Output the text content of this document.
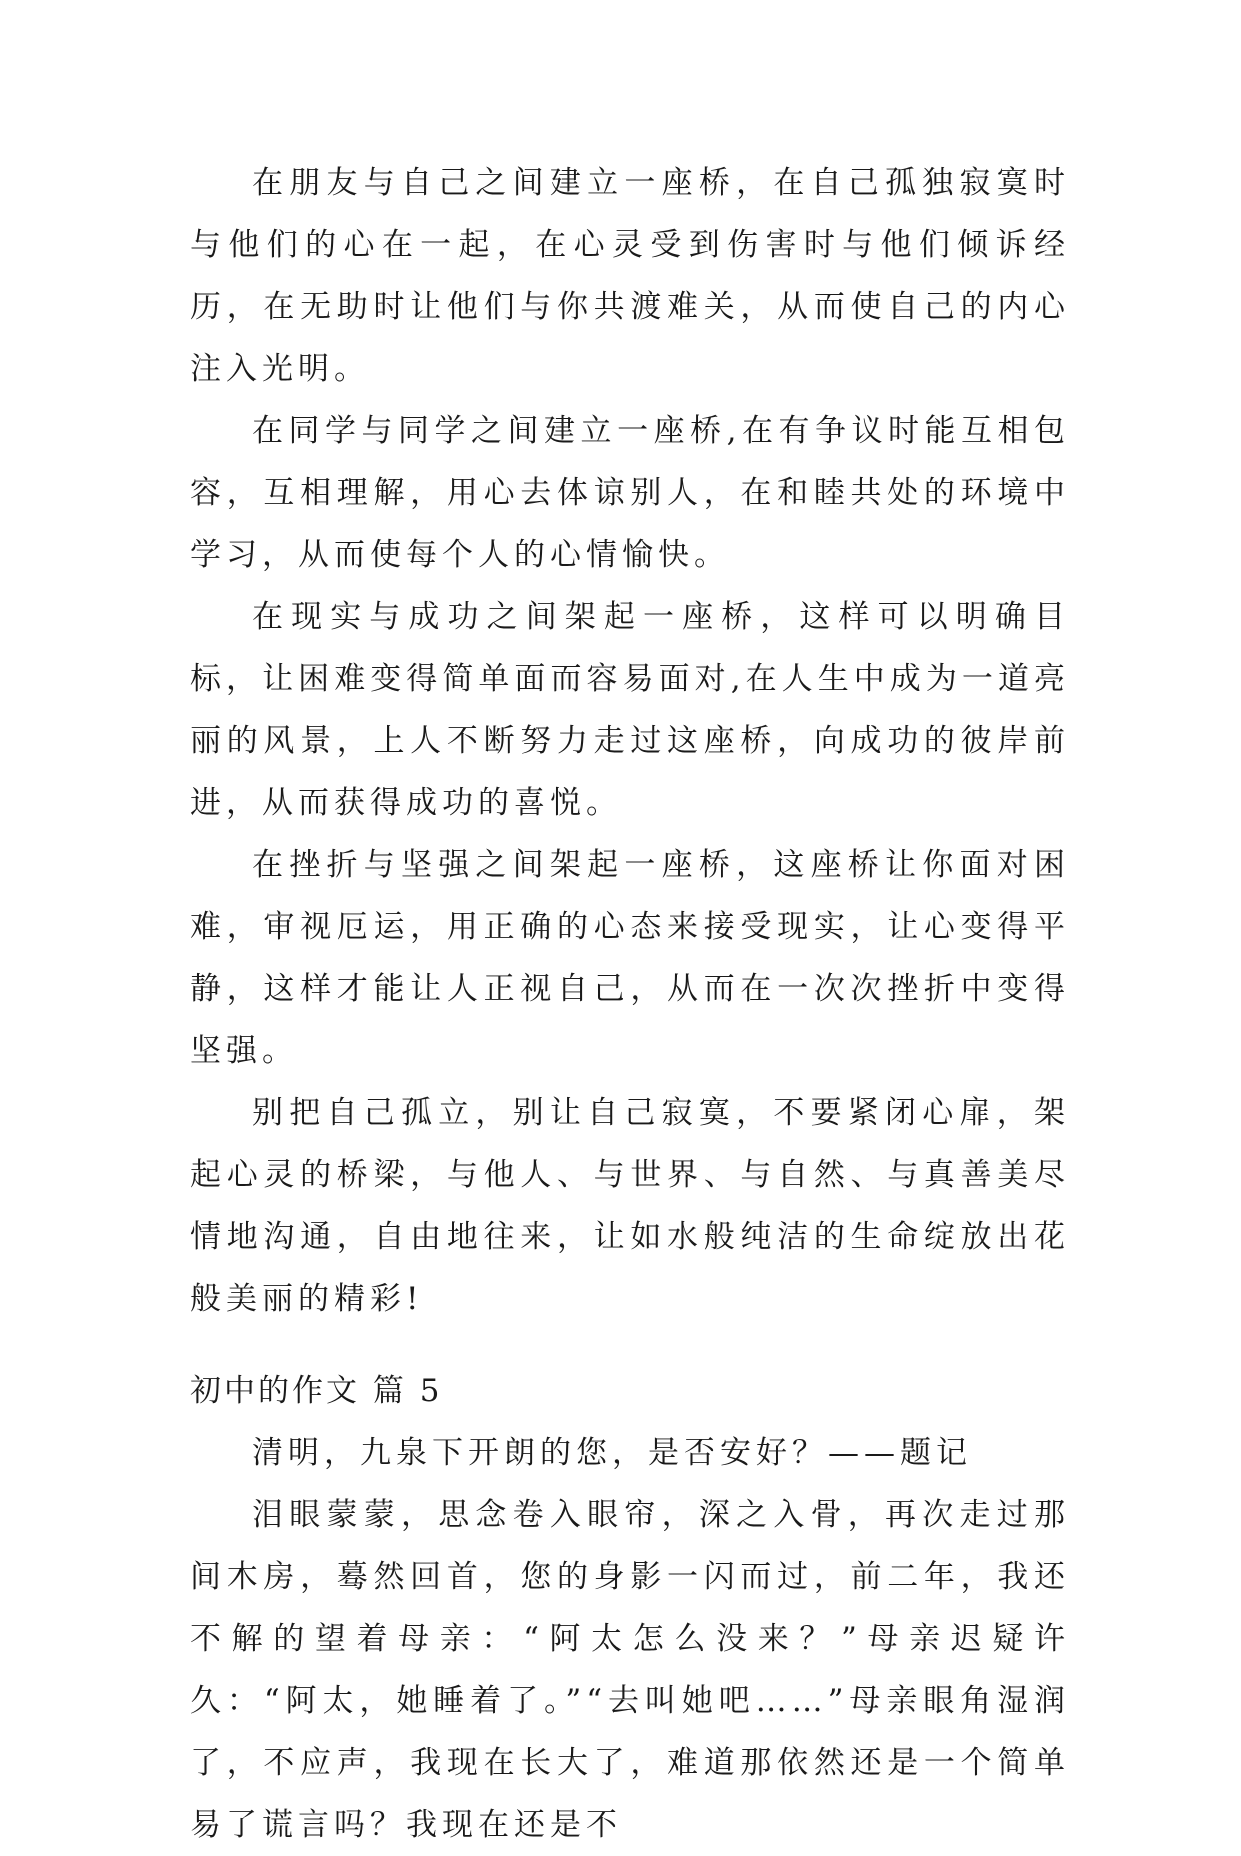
在朋友与自己之间建立一座桥，在自己孤独寂寞时与他们的心在一起，在心灵受到伤害时与他们倾诉经历，在无助时让他们与你共渡难关，从而使自己的内心注入光明。

在同学与同学之间建立一座桥,在有争议时能互相包容，互相理解，用心去体谅别人，在和睦共处的环境中学习，从而使每个人的心情愉快。

在现实与成功之间架起一座桥，这样可以明确目标，让困难变得简单面而容易面对,在人生中成为一道亮丽的风景，上人不断努力走过这座桥，向成功的彼岸前进，从而获得成功的喜悦。

在挫折与坚强之间架起一座桥，这座桥让你面对困难，审视厄运，用正确的心态来接受现实，让心变得平静，这样才能让人正视自己，从而在一次次挫折中变得坚强。

别把自己孤立，别让自己寂寞，不要紧闭心扉，架起心灵的桥梁，与他人、与世界、与自然、与真善美尽情地沟通，自由地往来，让如水般纯洁的生命绽放出花般美丽的精彩!

初中的作文 篇 5

清明，九泉下开朗的您，是否安好？——题记

泪眼蒙蒙，思念卷入眼帘，深之入骨，再次走过那间木房，蓦然回首，您的身影一闪而过，前二年，我还不解的望着母亲：“阿太怎么没来？”母亲迟疑许久：“阿太，她睡着了。”“去叫她吧……”母亲眼角湿润了，不应声，我现在长大了，难道那依然还是一个简单易了谎言吗？我现在还是不
